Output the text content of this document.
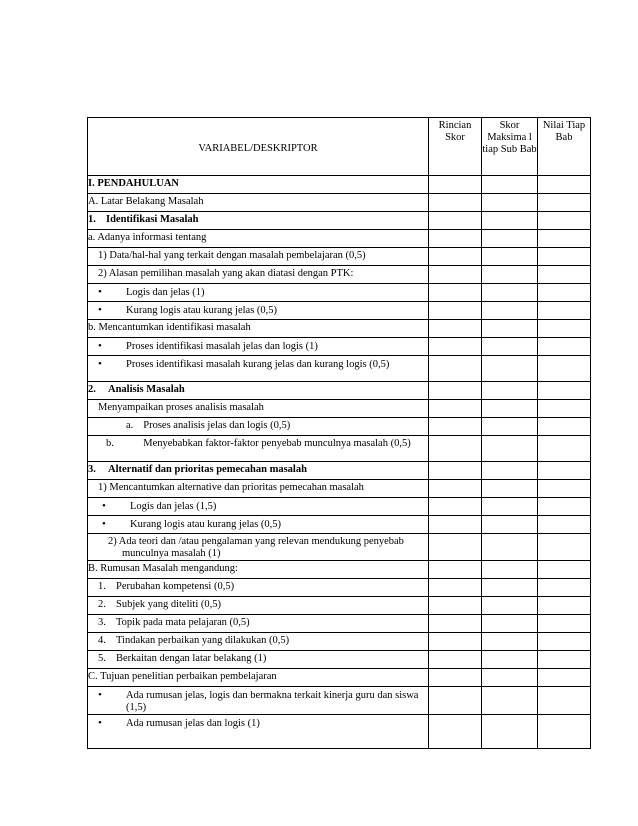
VARIABEL/DESKRIPTOR	Rincian Skor	Skor Maksima l tiap Sub Bab	Nilai Tiap Bab

I. PENDAHULUAN			

A. Latar Belakang Masalah			

1. Identifikasi Masalah			

a. Adanya informasi tentang			

1) Data/hal-hal yang terkait dengan masalah pembelajaran (0,5)			

2) Alasan pemilihan masalah yang akan diatasi dengan PTK:			

• Logis dan jelas (1)

• Kurang logis atau kurang jelas (0,5)

b. Mencantumkan identifikasi masalah			

• Proses identifikasi masalah jelas dan logis (1)

• Proses identifikasi masalah kurang jelas dan kurang logis (0,5)

2. Analisis Masalah			

Menyampaikan proses analisis masalah			

a. Proses analisis jelas dan logis (0,5)			

b. Menyebabkan faktor-faktor penyebab munculnya masalah (0,5)			

3. Alternatif dan prioritas pemecahan masalah			

1) Mencantumkan alternative dan prioritas pemecahan masalah			

• Logis dan jelas (1,5)

• Kurang logis atau kurang jelas (0,5)

2) Ada teori dan /atau pengalaman yang relevan mendukung penyebab munculnya masalah (1)			

B. Rumusan Masalah mengandung:			

1. Perubahan kompetensi (0,5)			

2. Subjek yang diteliti (0,5)			

3. Topik pada mata pelajaran (0,5)			

4. Tindakan perbaikan yang dilakukan (0,5)			

5. Berkaitan dengan latar belakang (1)			

C. Tujuan penelitian perbaikan pembelajaran			

• Ada rumusan jelas, logis dan bermakna terkait kinerja guru dan siswa (1,5)

• Ada rumusan jelas dan logis (1)
